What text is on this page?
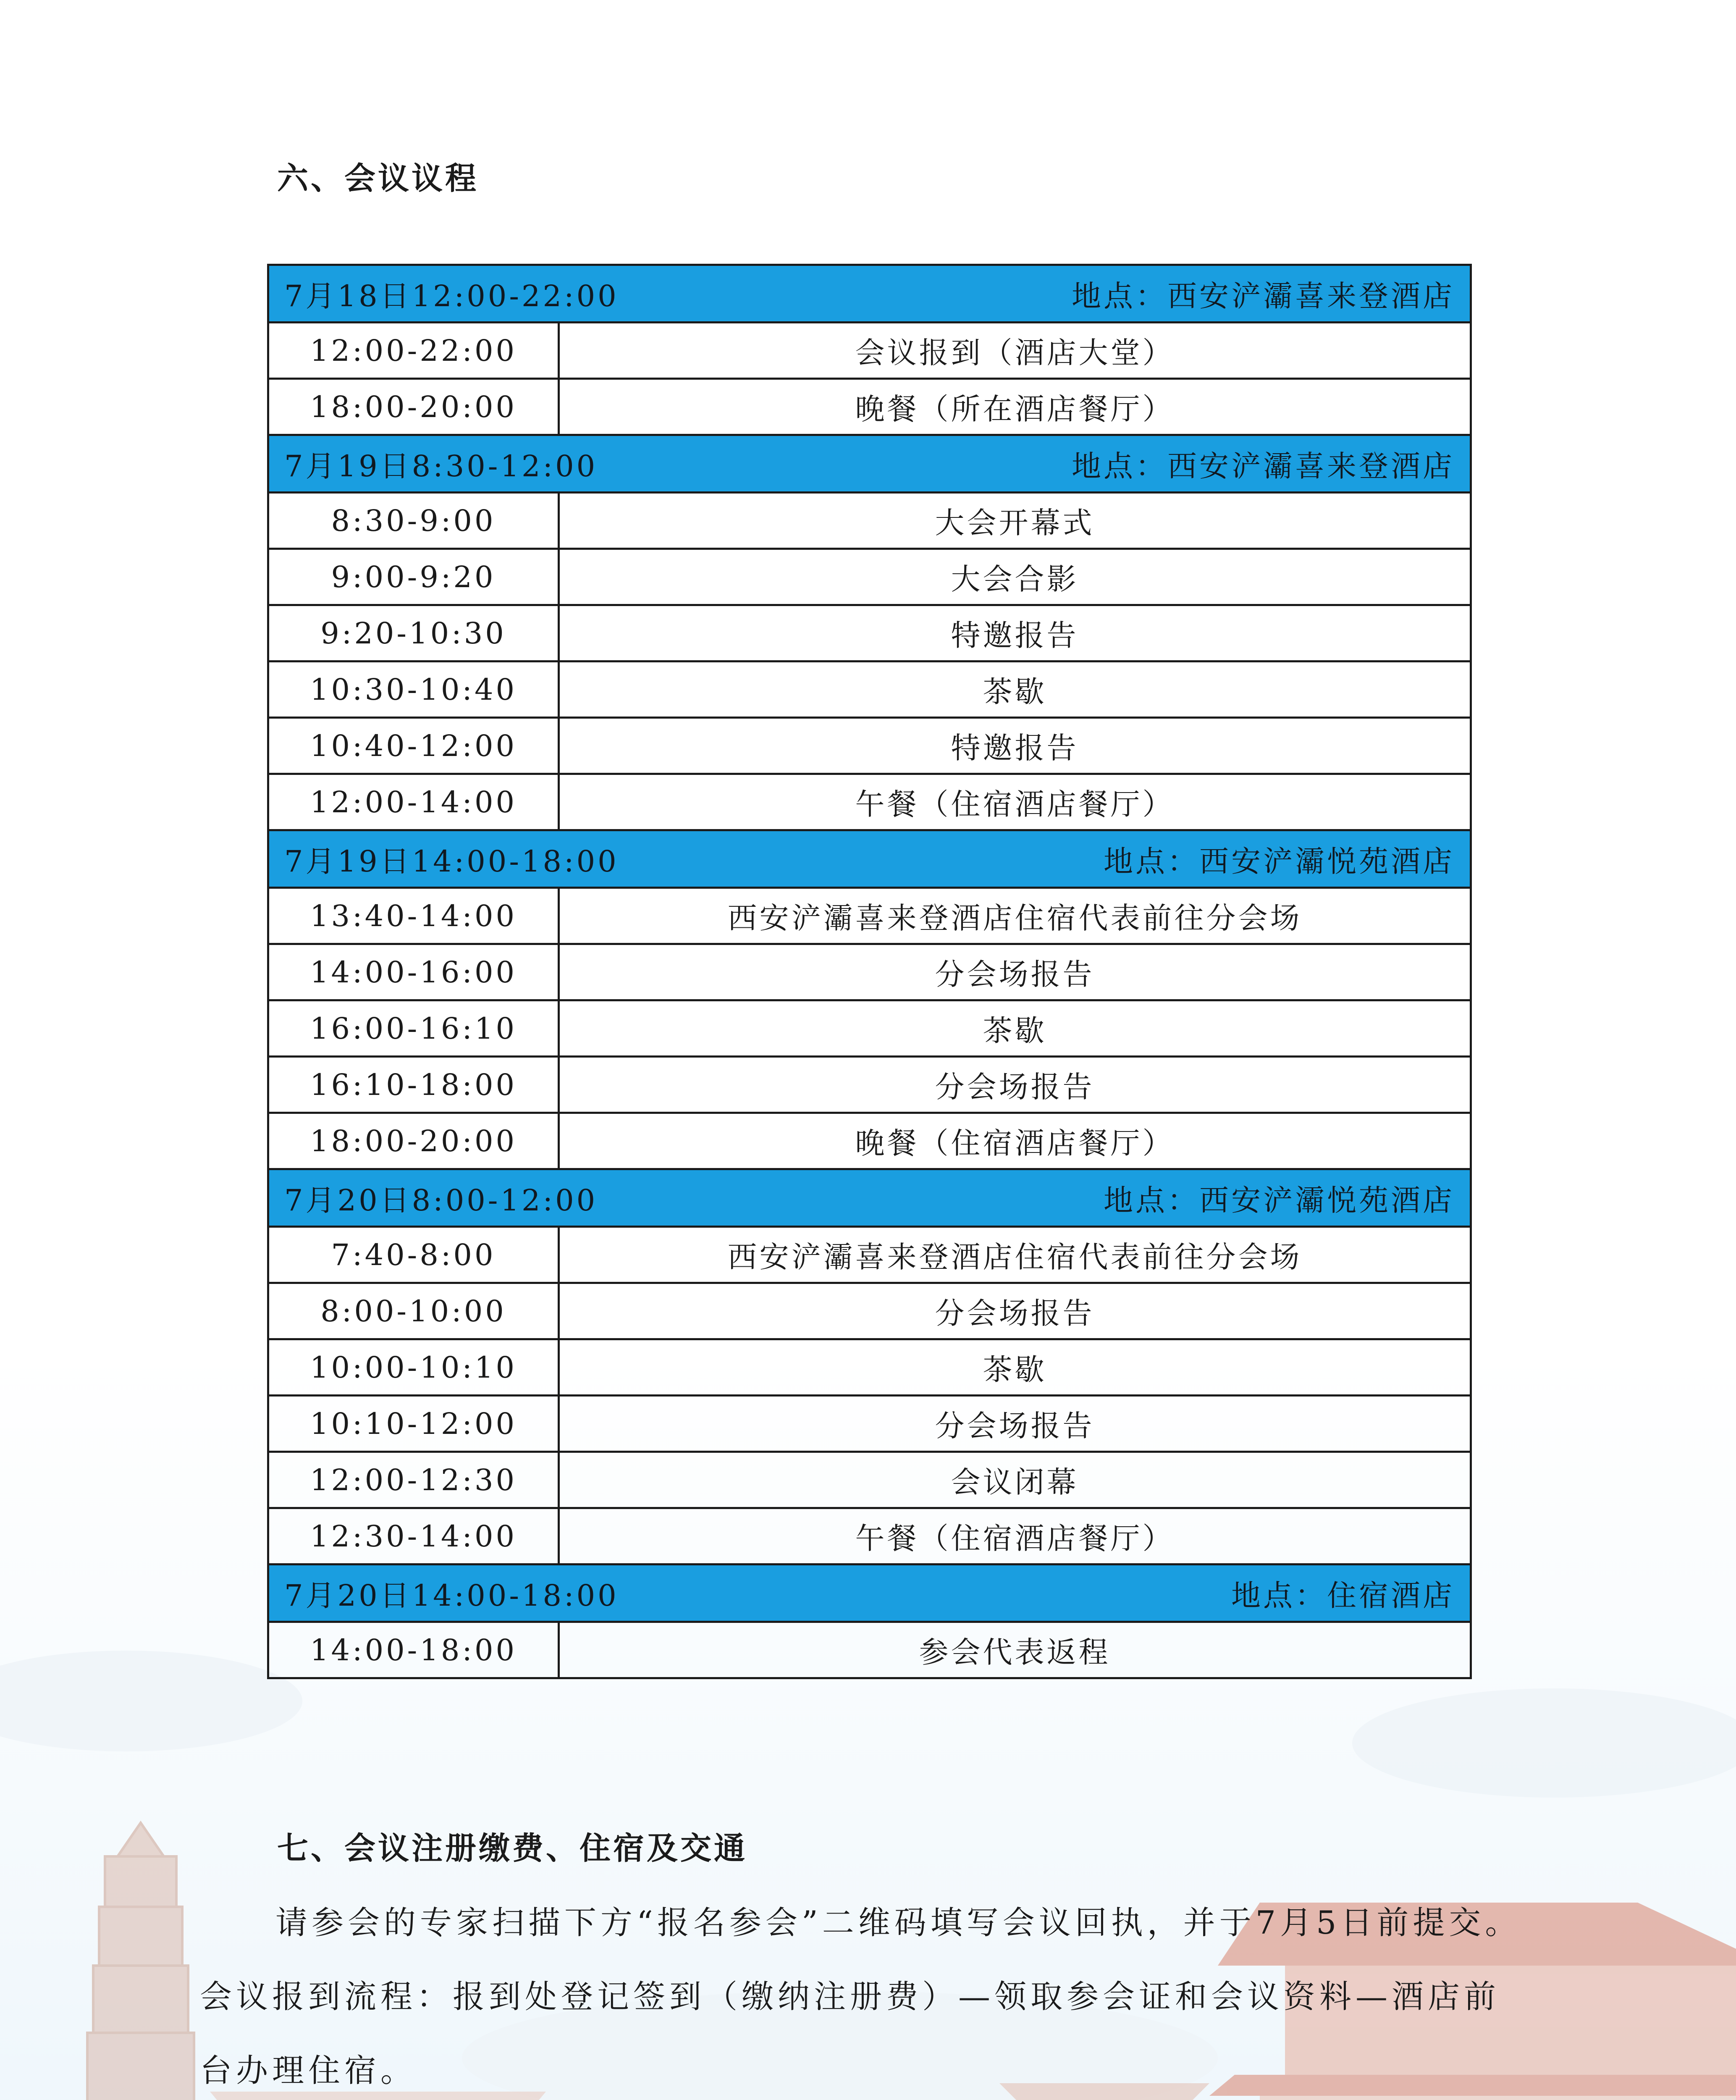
六、会议议程
7月18日12:00-22:00 地点：西安浐灞喜来登酒店	

12:00-22:00	会议报到（酒店大堂）
18:00-20:00	晚餐（所在酒店餐厅）

7月19日8:30-12:00 地点：西安浐灞喜来登酒店	

8:30-9:00	大会开幕式
9:00-9:20	大会合影
9:20-10:30	特邀报告
10:30-10:40	茶歇
10:40-12:00	特邀报告
12:00-14:00	午餐（住宿酒店餐厅）

7月19日14:00-18:00 地点：西安浐灞悦苑酒店	

13:40-14:00	西安浐灞喜来登酒店住宿代表前往分会场
14:00-16:00	分会场报告
16:00-16:10	茶歇
16:10-18:00	分会场报告
18:00-20:00	晚餐（住宿酒店餐厅）

7月20日8:00-12:00 地点：西安浐灞悦苑酒店	

7:40-8:00	西安浐灞喜来登酒店住宿代表前往分会场
8:00-10:00	分会场报告
10:00-10:10	茶歇
10:10-12:00	分会场报告
12:00-12:30	会议闭幕
12:30-14:00	午餐（住宿酒店餐厅）

7月20日14:00-18:00 地点：住宿酒店	

14:00-18:00	参会代表返程
七、会议注册缴费、住宿及交通
请参会的专家扫描下方“报名参会”二维码填写会议回执，并于7月5日前提交。会议报到流程：报到处登记签到（缴纳注册费）—领取参会证和会议资料—酒店前台办理住宿。
